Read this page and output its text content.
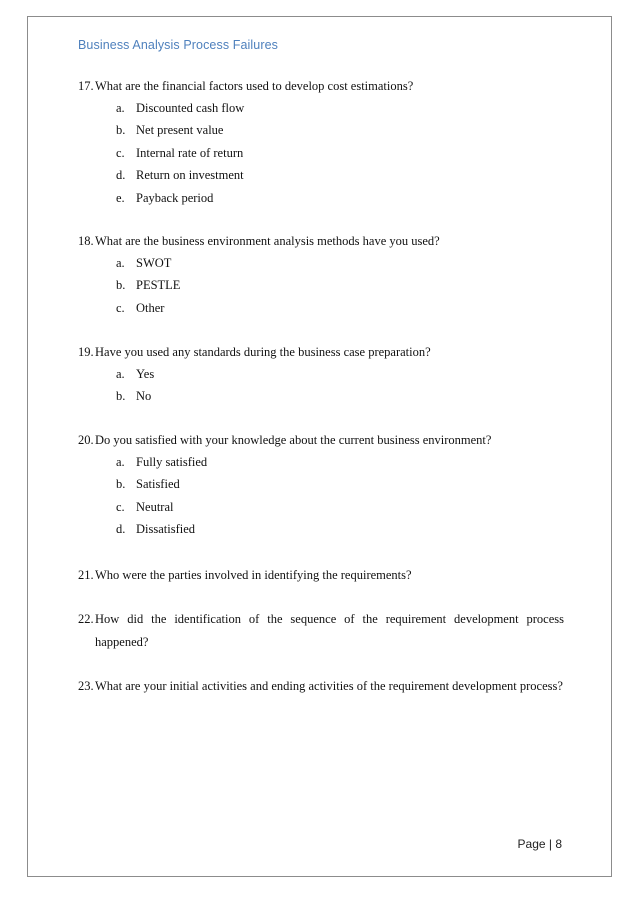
Business Analysis Process Failures
17.What are the financial factors used to develop cost estimations?
a. Discounted cash flow
b. Net present value
c. Internal rate of return
d. Return on investment
e. Payback period
18.What are the business environment analysis methods have you used?
a. SWOT
b. PESTLE
c. Other
19.Have you used any standards during the business case preparation?
a. Yes
b. No
20.Do you satisfied with your knowledge about the current business environment?
a. Fully satisfied
b. Satisfied
c. Neutral
d. Dissatisfied
21.Who were the parties involved in identifying the requirements?
22.How did the identification of the sequence of the requirement development process happened?
23.What are your initial activities and ending activities of the requirement development process?
Page | 8
